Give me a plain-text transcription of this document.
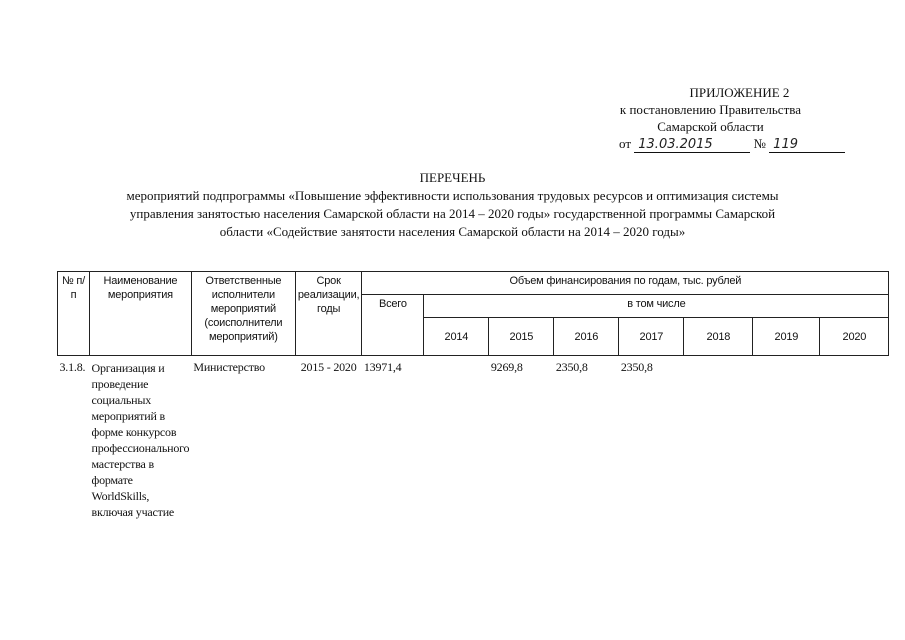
ПРИЛОЖЕНИЕ 2
к постановлению Правительства
Самарской области
от 13.03.2015	№ 119
ПЕРЕЧЕНЬ
мероприятий подпрограммы «Повышение эффективности использования трудовых ресурсов и оптимизация системы
управления занятостью населения Самарской области на 2014 – 2020 годы» государственной программы Самарской
области «Содействие занятости населения Самарской области на 2014 – 2020 годы»
№ п/п	Наименование мероприятия	Ответственные исполнители мероприятий (соисполнители мероприятий)	Срок реализации, годы	Объем финансирования по годам, тыс. рублей							
				Всего	в том числе						
					2014	2015	2016	2017	2018	2019	2020
3.1.8.	Организация и проведение социальных мероприятий в форме конкурсов профессионального мастерства в формате WorldSkills, включая участие	Министерство	2015 - 2020	13971,4		9269,8	2350,8	2350,8			
